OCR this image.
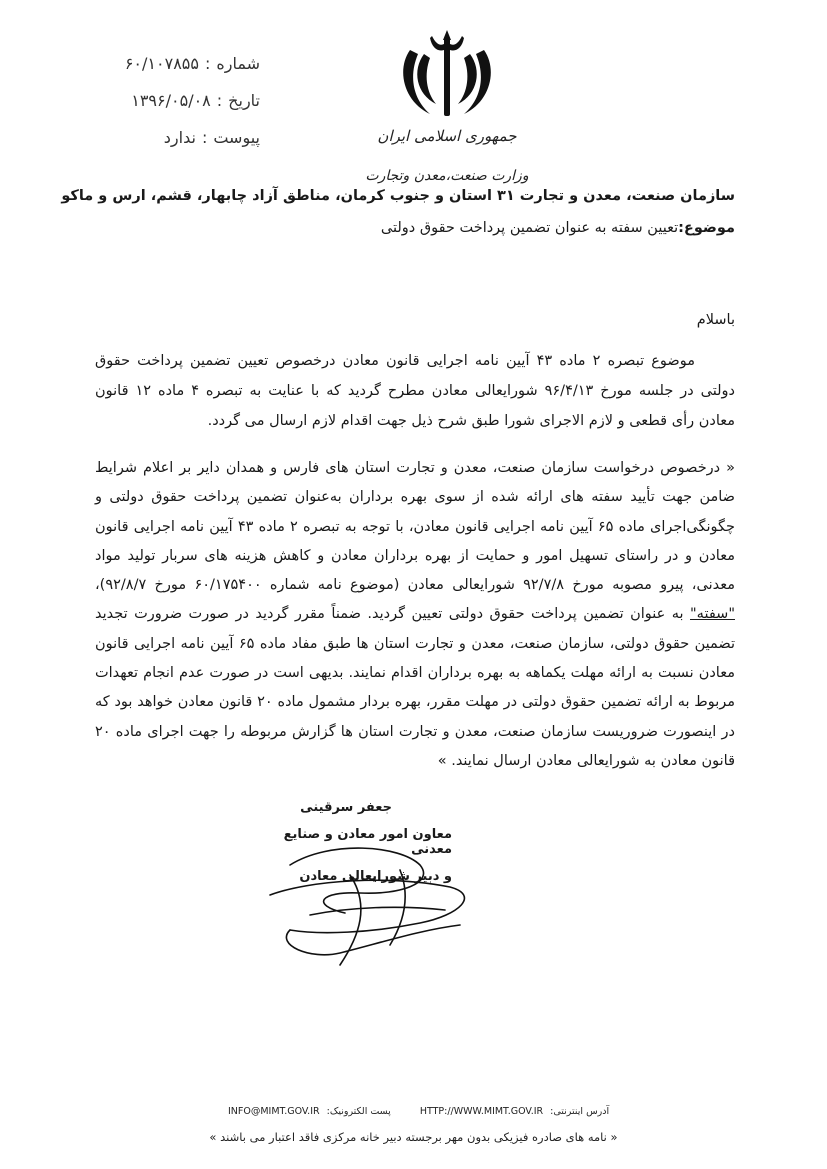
شماره:۶۰/۱۰۷۸۵۵
تاریخ:۱۳۹۶/۰۵/۰۸
پیوست:ندارد	جمهوری اسلامی ایران
وزارت صنعت،معدن وتجارت
سازمان صنعت، معدن و تجارت ۳۱ استان و جنوب کرمان، مناطق آزاد چابهار، قشم، ارس و ماکو
موضوع:تعیین سفته به عنوان تضمین پرداخت حقوق دولتی
باسلام
موضوع تبصره ۲ ماده ۴۳ آیین نامه اجرایی قانون معادن درخصوص تعیین تضمین پرداخت حقوق دولتی در جلسه مورخ ۹۶/۴/۱۳ شورایعالی معادن مطرح گردید که با عنایت به تبصره ۴ ماده ۱۲ قانون معادن رأی قطعی و لازم الاجرای شورا طبق شرح ذیل جهت اقدام لازم ارسال می گردد.
« درخصوص درخواست سازمان صنعت، معدن و تجارت استان های فارس و همدان دایر بر اعلام شرایط ضامن جهت تأیید سفته های ارائه شده از سوی بهره برداران به‌عنوان تضمین پرداخت حقوق دولتی و چگونگی‌اجرای ماده ۶۵ آیین نامه اجرایی قانون معادن، با توجه به تبصره ۲ ماده ۴۳ آیین نامه اجرایی قانون معادن و در راستای تسهیل امور و حمایت از بهره برداران معادن و کاهش هزینه های سربار تولید مواد معدنی، پیرو مصوبه مورخ ۹۲/۷/۸ شورایعالی معادن (موضوع نامه شماره ۶۰/۱۷۵۴۰۰ مورخ ۹۲/۸/۷)، "سفته" به عنوان تضمین پرداخت حقوق دولتی تعیین گردید. ضمناً مقرر گردید در صورت ضرورت تجدید تضمین حقوق دولتی، سازمان صنعت، معدن و تجارت استان ها طبق مفاد ماده ۶۵ آیین نامه اجرایی قانون معادن نسبت به ارائه مهلت یکماهه به بهره برداران اقدام نمایند. بدیهی است در صورت عدم انجام تعهدات مربوط به ارائه تضمین حقوق دولتی در مهلت مقرر، بهره بردار مشمول ماده ۲۰ قانون معادن خواهد بود که در اینصورت ضروریست سازمان صنعت، معدن و تجارت استان ها گزارش مربوطه را جهت اجرای ماده ۲۰ قانون معادن به شورایعالی معادن ارسال نمایند. »
جعفر سرقینی
معاون امور معادن و صنایع معدنی
و دبیر شورایعالی معادن
INFO@MIMT.GOV.IR :پست الکترونیک	HTTP://WWW.MIMT.GOV.IR :آدرس اینترنتی
« نامه های صادره فیزیکی بدون مهر برجسته دبیر خانه مرکزی فاقد اعتبار می باشند »
